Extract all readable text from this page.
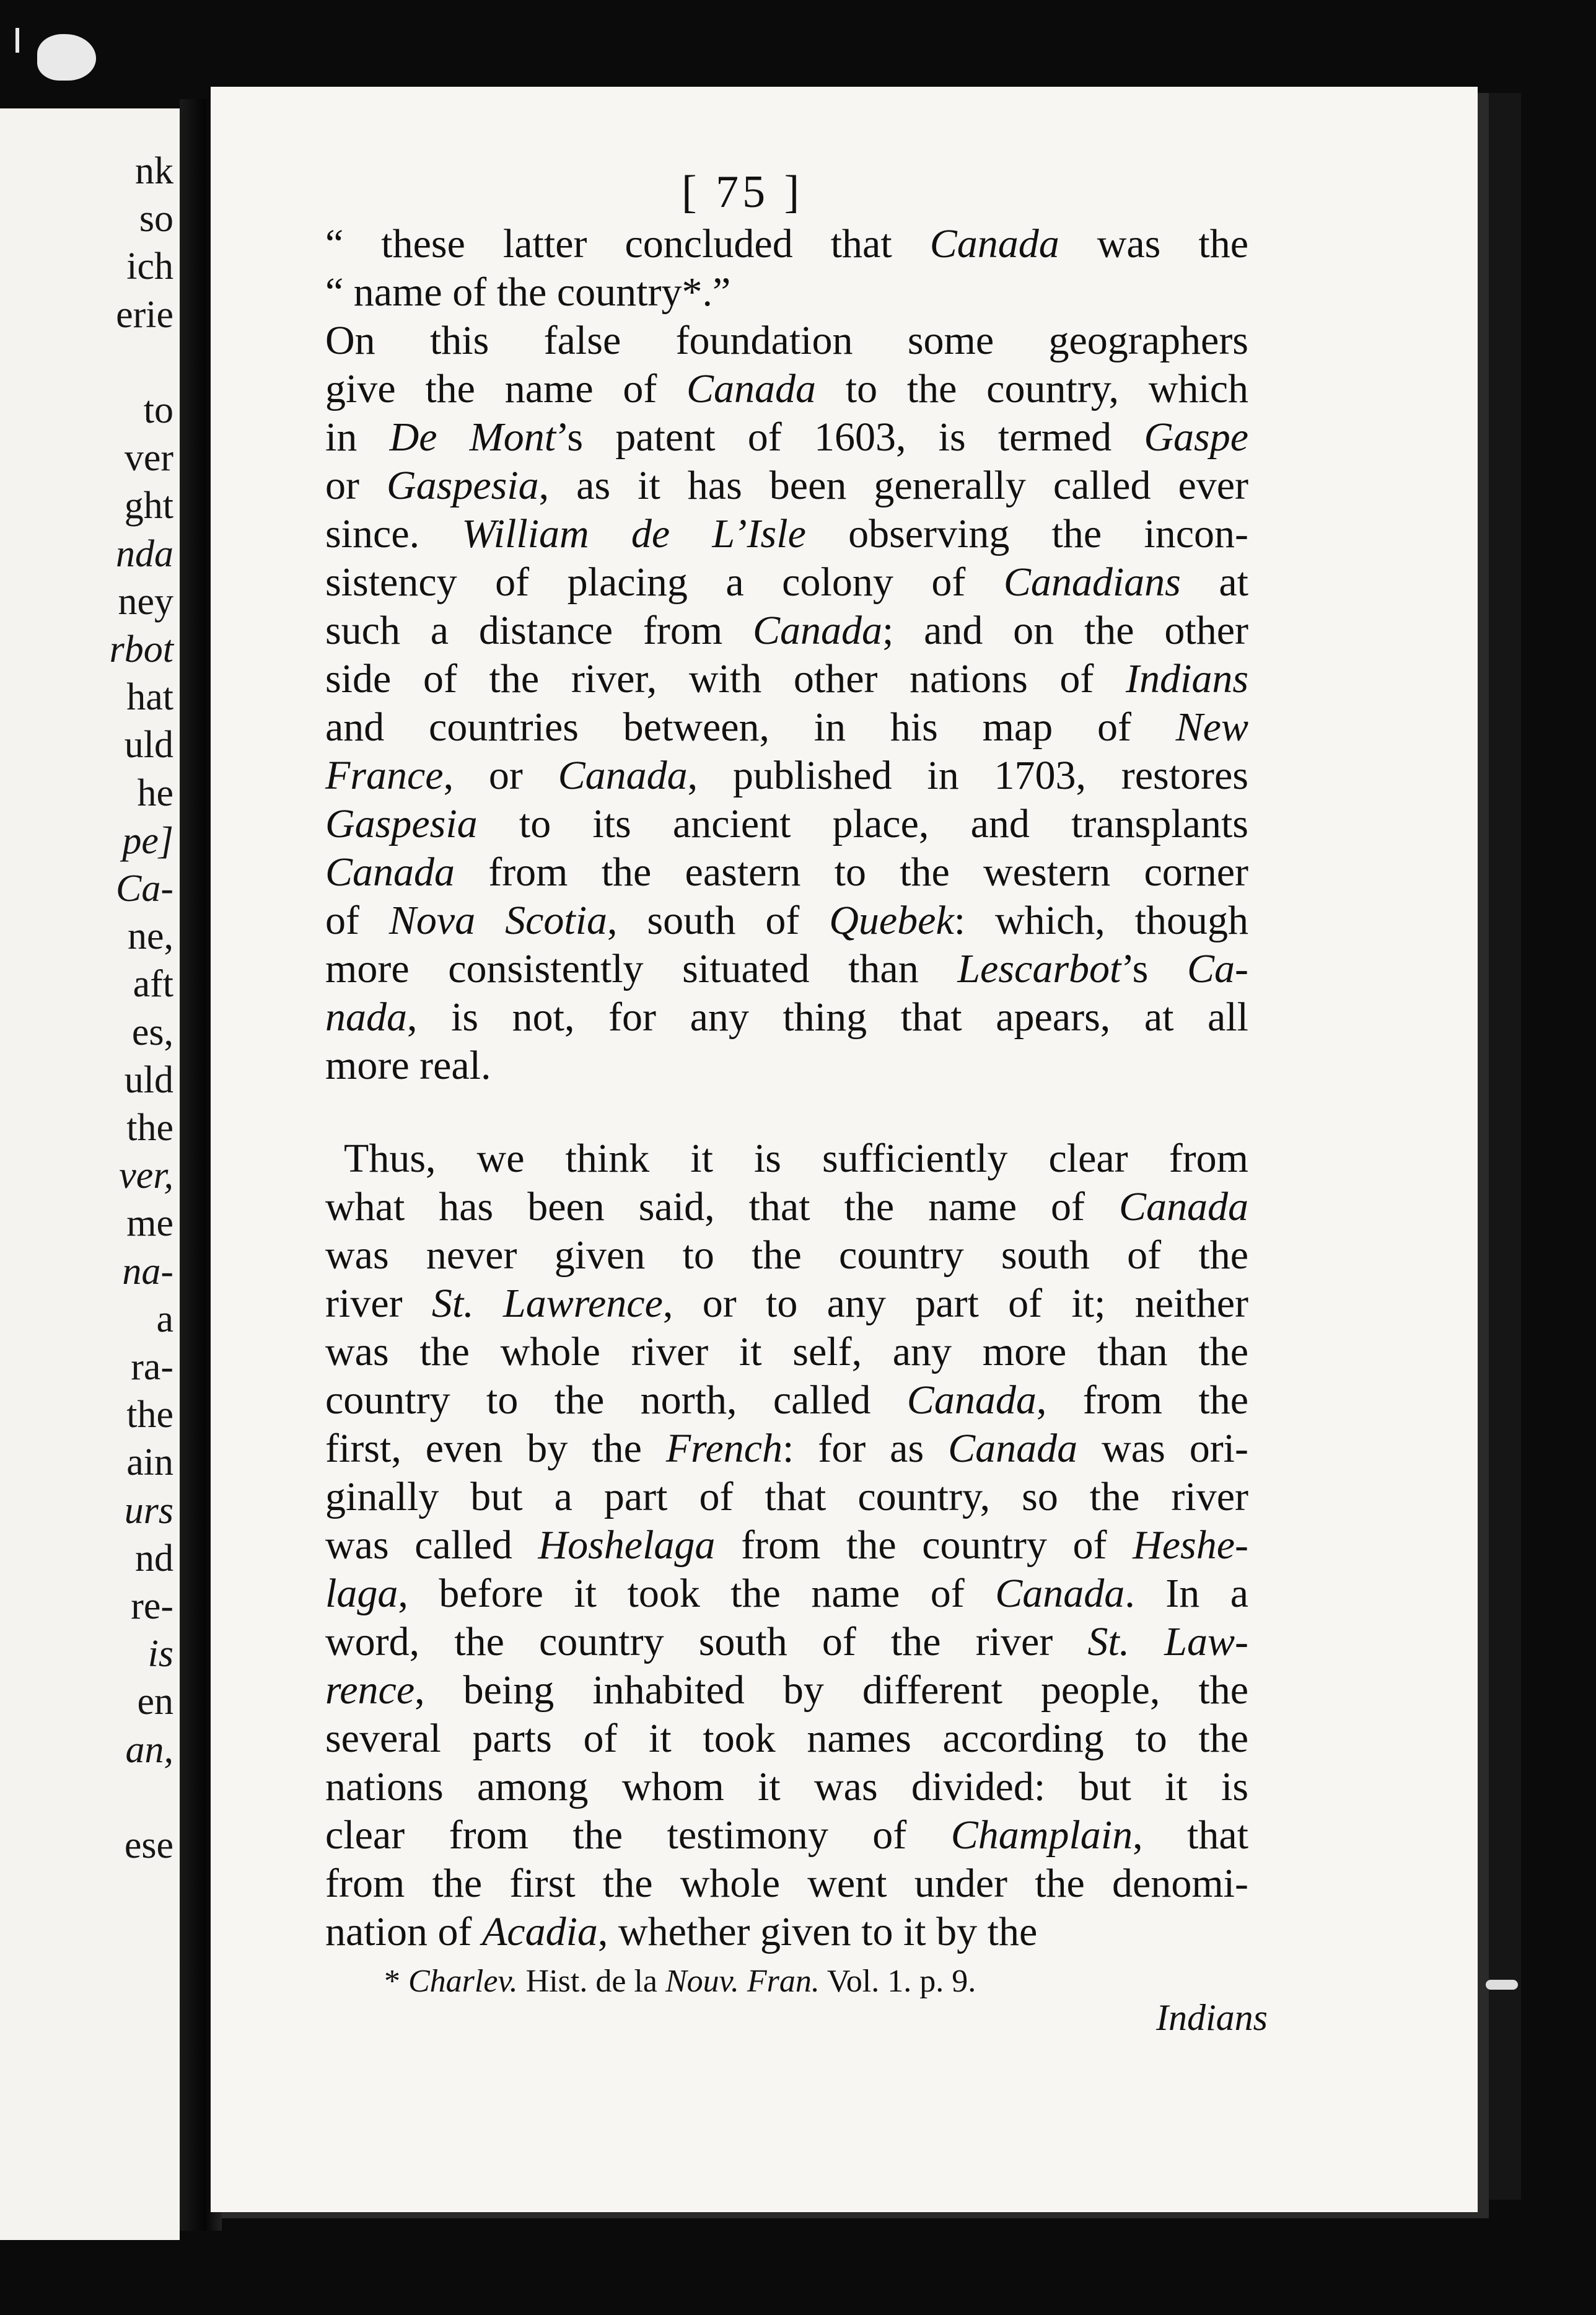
nk
so
ich
erie
to
ver
ght
nda
ney
rbot
hat
uld
he
pe]
Ca-
ne,
aft
es,
uld
the
ver,
me
na-
a
ra-
the
ain
urs
nd
re-
is
en
an,
ese
[ 75 ]
“ these latter concluded that Canada was the
“ name of the country*.”
On this false foundation some geographers
give the name of Canada to the country, which
in De Mont’s patent of 1603, is termed Gaspe
or Gaspesia, as it has been generally called ever
since. William de L’Isle observing the incon-
sistency of placing a colony of Canadians at
such a distance from Canada; and on the other
side of the river, with other nations of Indians
and countries between, in his map of New
France, or Canada, published in 1703, restores
Gaspesia to its ancient place, and transplants
Canada from the eastern to the western corner
of Nova Scotia, south of Quebek: which, though
more consistently situated than Lescarbot’s Ca-
nada, is not, for any thing that apears, at all
more real.
Thus, we think it is sufficiently clear from
what has been said, that the name of Canada
was never given to the country south of the
river St. Lawrence, or to any part of it; neither
was the whole river it self, any more than the
country to the north, called Canada, from the
first, even by the French: for as Canada was ori-
ginally but a part of that country, so the river
was called Hoshelaga from the country of Heshe-
laga, before it took the name of Canada. In a
word, the country south of the river St. Law-
rence, being inhabited by different people, the
several parts of it took names according to the
nations among whom it was divided: but it is
clear from the testimony of Champlain, that
from the first the whole went under the denomi-
nation of Acadia, whether given to it by the
* Charlev. Hist. de la Nouv. Fran. Vol. 1. p. 9.
Indians
